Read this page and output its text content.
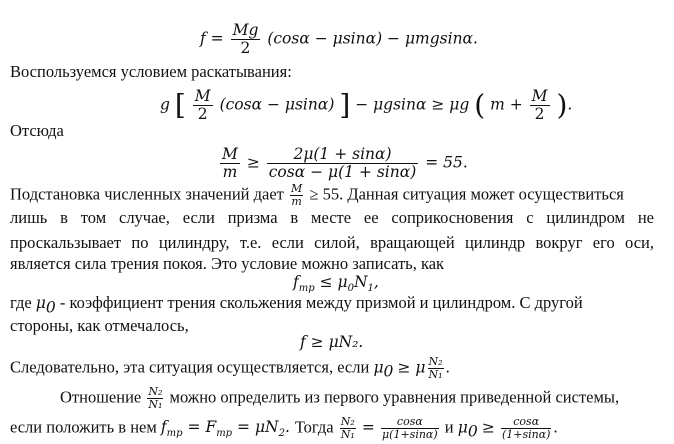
$f = \frac{Mg}{2} (\cos\alpha - \mu\sin\alpha) - \mu mgsin\alpha$.
Воспользуемся условием раскатывания:
g [ $\frac{M}{2} (\cos\alpha - \mu\sin\alpha)$ ] − μgsinα ≥ μg ( $m + \frac{M}{2}$ ).
Отсюда
$\frac{M}{m} \ge \frac{2\mu(1 + \sin\alpha)}{\cos\alpha - \mu(1 + \sin\alpha)} = 55$.
Подстановка численных значений дает $\frac{M}{m} \ge 55$. Данная ситуация может осуществиться
лишь в том случае, если призма в месте ее соприкосновения с цилиндром не
проскальзывает по цилиндру, т.е. если силой, вращающей цилиндр вокруг его оси,
является сила трения покоя. Это условие можно записать, как
$f_{тр} \le \mu_0N_1$,
где $\mu_0$ - коэффициент трения скольжения между призмой и цилиндром. С другой
стороны, как отмечалось,
f ≥ μN₂.
Следовательно, эта ситуация осуществляется, если $\mu_0 \ge \mu \frac{\text{N₂}}{\text{N₁}}$ .
Отношение $\frac{\text{N₂}}{\text{N₁}}$ можно определить из первого уравнения приведенной системы,
если положить в нем $f_{тр} = F_{тр} = \mu N_2$. Тогда $\frac{\text{N₂}}{\text{N₁}} = \frac{\cos\alpha}{\mu(1+\sin\alpha)}$ и $\mu_0 \ge \frac{\cos\alpha}{(1+\sin\alpha)}$ .
